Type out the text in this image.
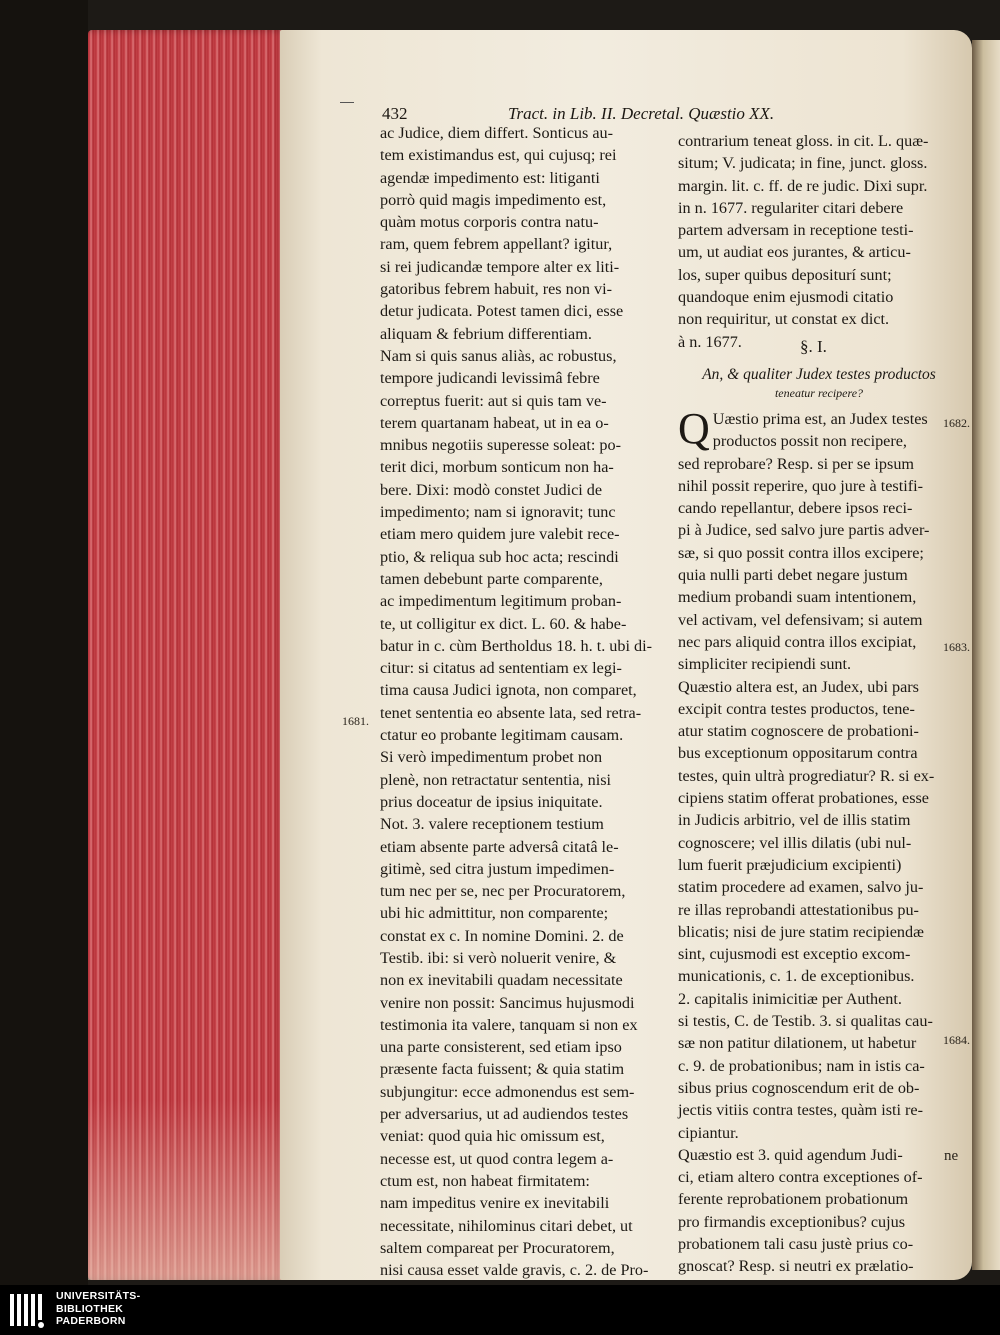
432	Tract. in Lib. II. Decretal. Quæstio XX.
ac Judice, diem differt. Sonticus au-
tem existimandus est, qui cujusq; rei
agendæ impedimento est: litiganti
porrò quid magis impedimento est,
quàm motus corporis contra natu-
ram, quem febrem appellant? igitur,
si rei judicandæ tempore alter ex liti-
gatoribus febrem habuit, res non vi-
detur judicata. Potest tamen dici, esse
aliquam & febrium differentiam.
Nam si quis sanus aliàs, ac robustus,
tempore judicandi levissimâ febre
correptus fuerit: aut si quis tam ve-
terem quartanam habeat, ut in ea o-
mnibus negotiis superesse soleat: po-
terit dici, morbum sonticum non ha-
bere. Dixi: modò constet Judici de
impedimento; nam si ignoravit; tunc
etiam mero quidem jure valebit rece-
ptio, & reliqua sub hoc acta; rescindi
tamen debebunt parte comparente,
ac impedimentum legitimum proban-
te, ut colligitur ex dict. L. 60. & habe-
batur in c. cùm Bertholdus 18. h. t. ubi di-
citur: si citatus ad sententiam ex legi-
tima causa Judici ignota, non comparet,
tenet sententia eo absente lata, sed retra-
ctatur eo probante legitimam causam.
Si verò impedimentum probet non
plenè, non retractatur sententia, nisi
prius doceatur de ipsius iniquitate.
Not. 3. valere receptionem testium
etiam absente parte adversâ citatâ le-
gitimè, sed citra justum impedimen-
tum nec per se, nec per Procuratorem,
ubi hic admittitur, non comparente;
constat ex c. In nomine Domini. 2. de
Testib. ibi: si verò noluerit venire, &
non ex inevitabili quadam necessitate
venire non possit: Sancimus hujusmodi
testimonia ita valere, tanquam si non ex
una parte consisterent, sed etiam ipso
præsente facta fuissent; & quia statim
subjungitur: ecce admonendus est sem-
per adversarius, ut ad audiendos testes
veniat: quod quia hic omissum est,
necesse est, ut quod contra legem a-
ctum est, non habeat firmitatem:
nam impeditus venire ex inevitabili
necessitate, nihilominus citari debet, ut
saltem compareat per Procuratorem,
nisi causa esset valde gravis, c. 2. de Pro-
contrarium teneat gloss. in cit. L. quæ-
situm; V. judicata; in fine, junct. gloss.
margin. lit. c. ff. de re judic. Dixi supr.
in n. 1677. regulariter citari debere
partem adversam in receptione testi-
um, ut audiat eos jurantes, & articu-
los, super quibus depositurí sunt;
quandoque enim ejusmodi citatio
non requiritur, ut constat ex dict.
à n. 1677.	§. I.
An, & qualiter Judex testes productos
teneatur recipere?
Q Uæstio prima est, an Judex testes
productos possit non recipere,
sed reprobare? Resp. si per se ipsum
nihil possit reperire, quo jure à testifi-
cando repellantur, debere ipsos reci-
pi à Judice, sed salvo jure partis adver-
sæ, si quo possit contra illos excipere;
quia nulli parti debet negare justum
medium probandi suam intentionem,
vel activam, vel defensivam; si autem
nec pars aliquid contra illos excipiat,
simpliciter recipiendi sunt.
Quæstio altera est, an Judex, ubi pars
excipit contra testes productos, tene-
atur statim cognoscere de probationi-
bus exceptionum oppositarum contra
testes, quin ultrà progrediatur? R. si ex-
cipiens statim offerat probationes, esse
in Judicis arbitrio, vel de illis statim
cognoscere; vel illis dilatis (ubi nul-
lum fuerit præjudicium excipienti)
statim procedere ad examen, salvo ju-
re illas reprobandi attestationibus pu-
blicatis; nisi de jure statim recipiendæ
sint, cujusmodi est exceptio excom-
municationis, c. 1. de exceptionibus.
2. capitalis inimicitiæ per Authent.
si testis, C. de Testib. 3. si qualitas cau-
sæ non patitur dilationem, ut habetur
c. 9. de probationibus; nam in istis ca-
sibus prius cognoscendum erit de ob-
jectis vitiis contra testes, quàm isti re-
cipiantur.
Quæstio est 3. quid agendum Judi-
ci, etiam altero contra exceptiones of-
ferente reprobationem probationum
pro firmandis exceptionibus? cujus
probationem tali casu justè prius co-
gnoscat? Resp. si neutri ex prælatio-
ne
1681.
1682.
1683.
1684.
UNIVERSITÄTS-
BIBLIOTHEK
PADERBORN
